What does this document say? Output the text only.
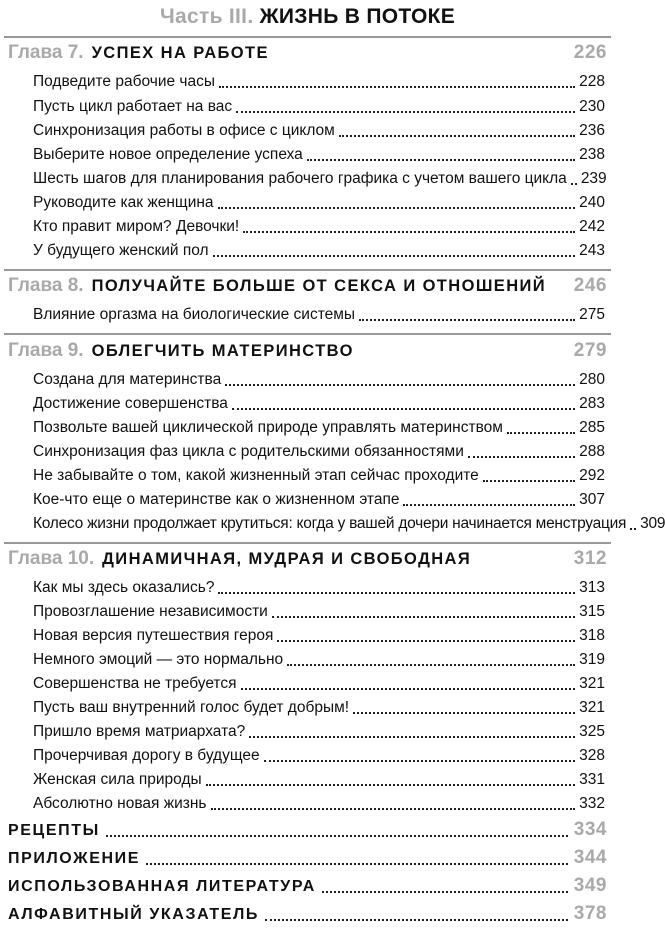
Часть III. ЖИЗНЬ В ПОТОКЕ
Глава 7. УСПЕХ НА РАБОТЕ	226
Подведите рабочие часы	228
Пусть цикл работает на вас	230
Синхронизация работы в офисе с циклом	236
Выберите новое определение успеха	238
Шесть шагов для планирования рабочего графика с учетом вашего цикла 239
Руководите как женщина	240
Кто правит миром? Девочки!	242
У будущего женский пол	243
Глава 8. ПОЛУЧАЙТЕ БОЛЬШЕ ОТ СЕКСА И ОТНОШЕНИЙ 246
Влияние оргазма на биологические системы	275
Глава 9. ОБЛЕГЧИТЬ МАТЕРИНСТВО	279
Создана для материнства	280
Достижение совершенства	283
Позвольте вашей циклической природе управлять материнством	285
Синхронизация фаз цикла с родительскими обязанностями	288
Не забывайте о том, какой жизненный этап сейчас проходите	292
Кое-что еще о материнстве как о жизненном этапе	307
Колесо жизни продолжает крутиться: когда у вашей дочери начинается менструация 309
Глава 10. ДИНАМИЧНАЯ, МУДРАЯ И СВОБОДНАЯ	312
Как мы здесь оказались?	313
Провозглашение независимости	315
Новая версия путешествия героя	318
Немного эмоций — это нормально	319
Совершенства не требуется	321
Пусть ваш внутренний голос будет добрым!	321
Пришло время матриархата?	325
Прочерчивая дорогу в будущее	328
Женская сила природы	331
Абсолютно новая жизнь	332
РЕЦЕПТЫ	334
ПРИЛОЖЕНИЕ	344
ИСПОЛЬЗОВАННАЯ ЛИТЕРАТУРА	349
АЛФАВИТНЫЙ УКАЗАТЕЛЬ	378
